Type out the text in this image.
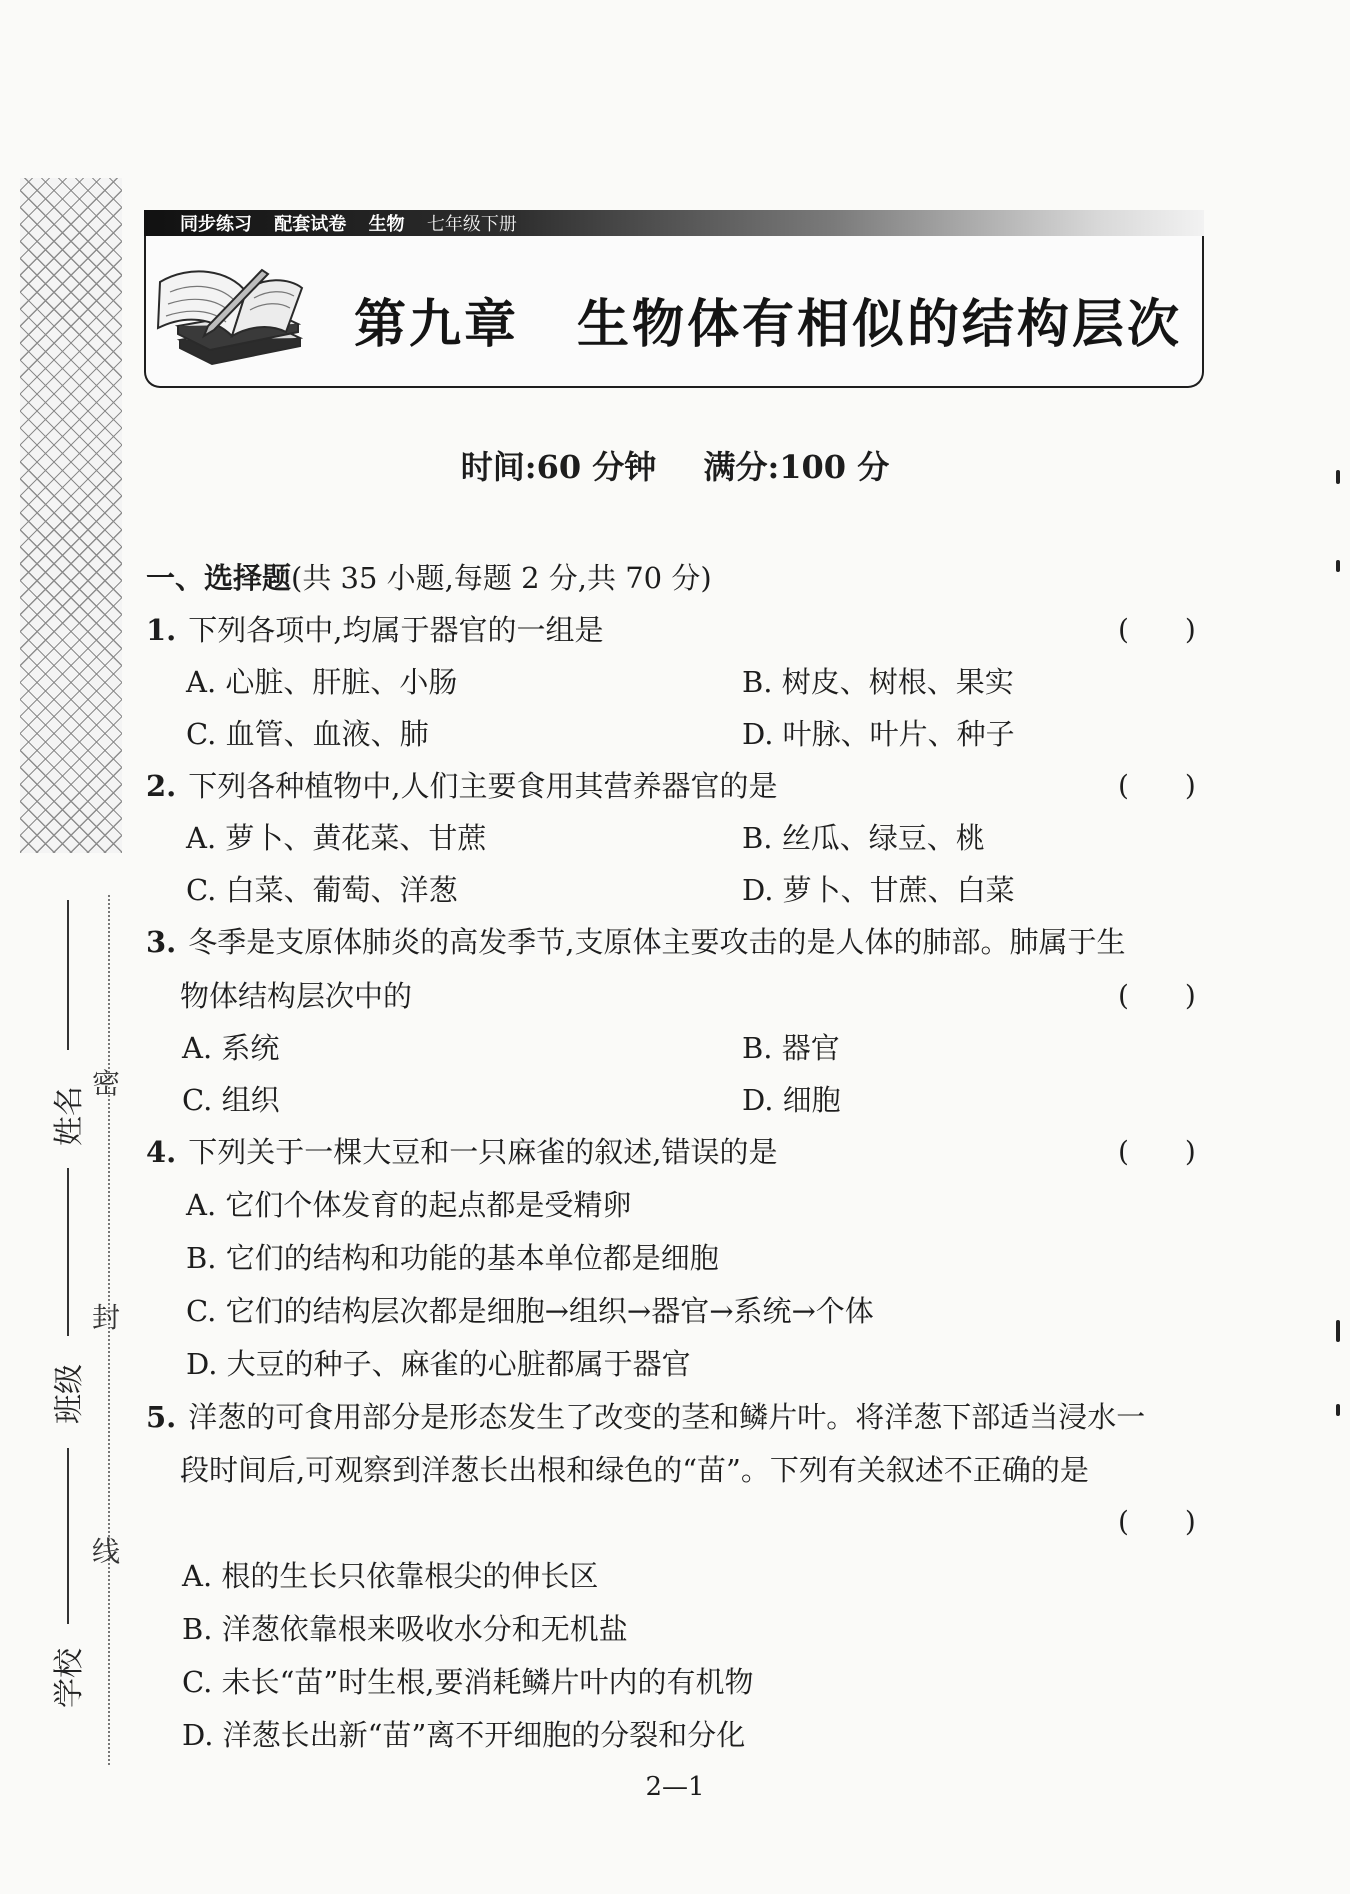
密
封
线
姓名
班级
学校
同步练习 配套试卷 生物 七年级下册
第九章 生物体有相似的结构层次
时间:60 分钟 满分:100 分
一、选择题(共 35 小题,每题 2 分,共 70 分)
1. 下列各项中,均属于器官的一组是	(　　)
A. 心脏、肝脏、小肠	B. 树皮、树根、果实
C. 血管、血液、肺	D. 叶脉、叶片、种子
2. 下列各种植物中,人们主要食用其营养器官的是	(　　)
A. 萝卜、黄花菜、甘蔗	B. 丝瓜、绿豆、桃
C. 白菜、葡萄、洋葱	D. 萝卜、甘蔗、白菜
3. 冬季是支原体肺炎的高发季节,支原体主要攻击的是人体的肺部。肺属于生
物体结构层次中的	(　　)
A. 系统	B. 器官
C. 组织	D. 细胞
4. 下列关于一棵大豆和一只麻雀的叙述,错误的是	(　　)
A. 它们个体发育的起点都是受精卵
B. 它们的结构和功能的基本单位都是细胞
C. 它们的结构层次都是细胞→组织→器官→系统→个体
D. 大豆的种子、麻雀的心脏都属于器官
5. 洋葱的可食用部分是形态发生了改变的茎和鳞片叶。将洋葱下部适当浸水一
段时间后,可观察到洋葱长出根和绿色的“苗”。下列有关叙述不正确的是
(　　)
A. 根的生长只依靠根尖的伸长区
B. 洋葱依靠根来吸收水分和无机盐
C. 未长“苗”时生根,要消耗鳞片叶内的有机物
D. 洋葱长出新“苗”离不开细胞的分裂和分化
2—1
